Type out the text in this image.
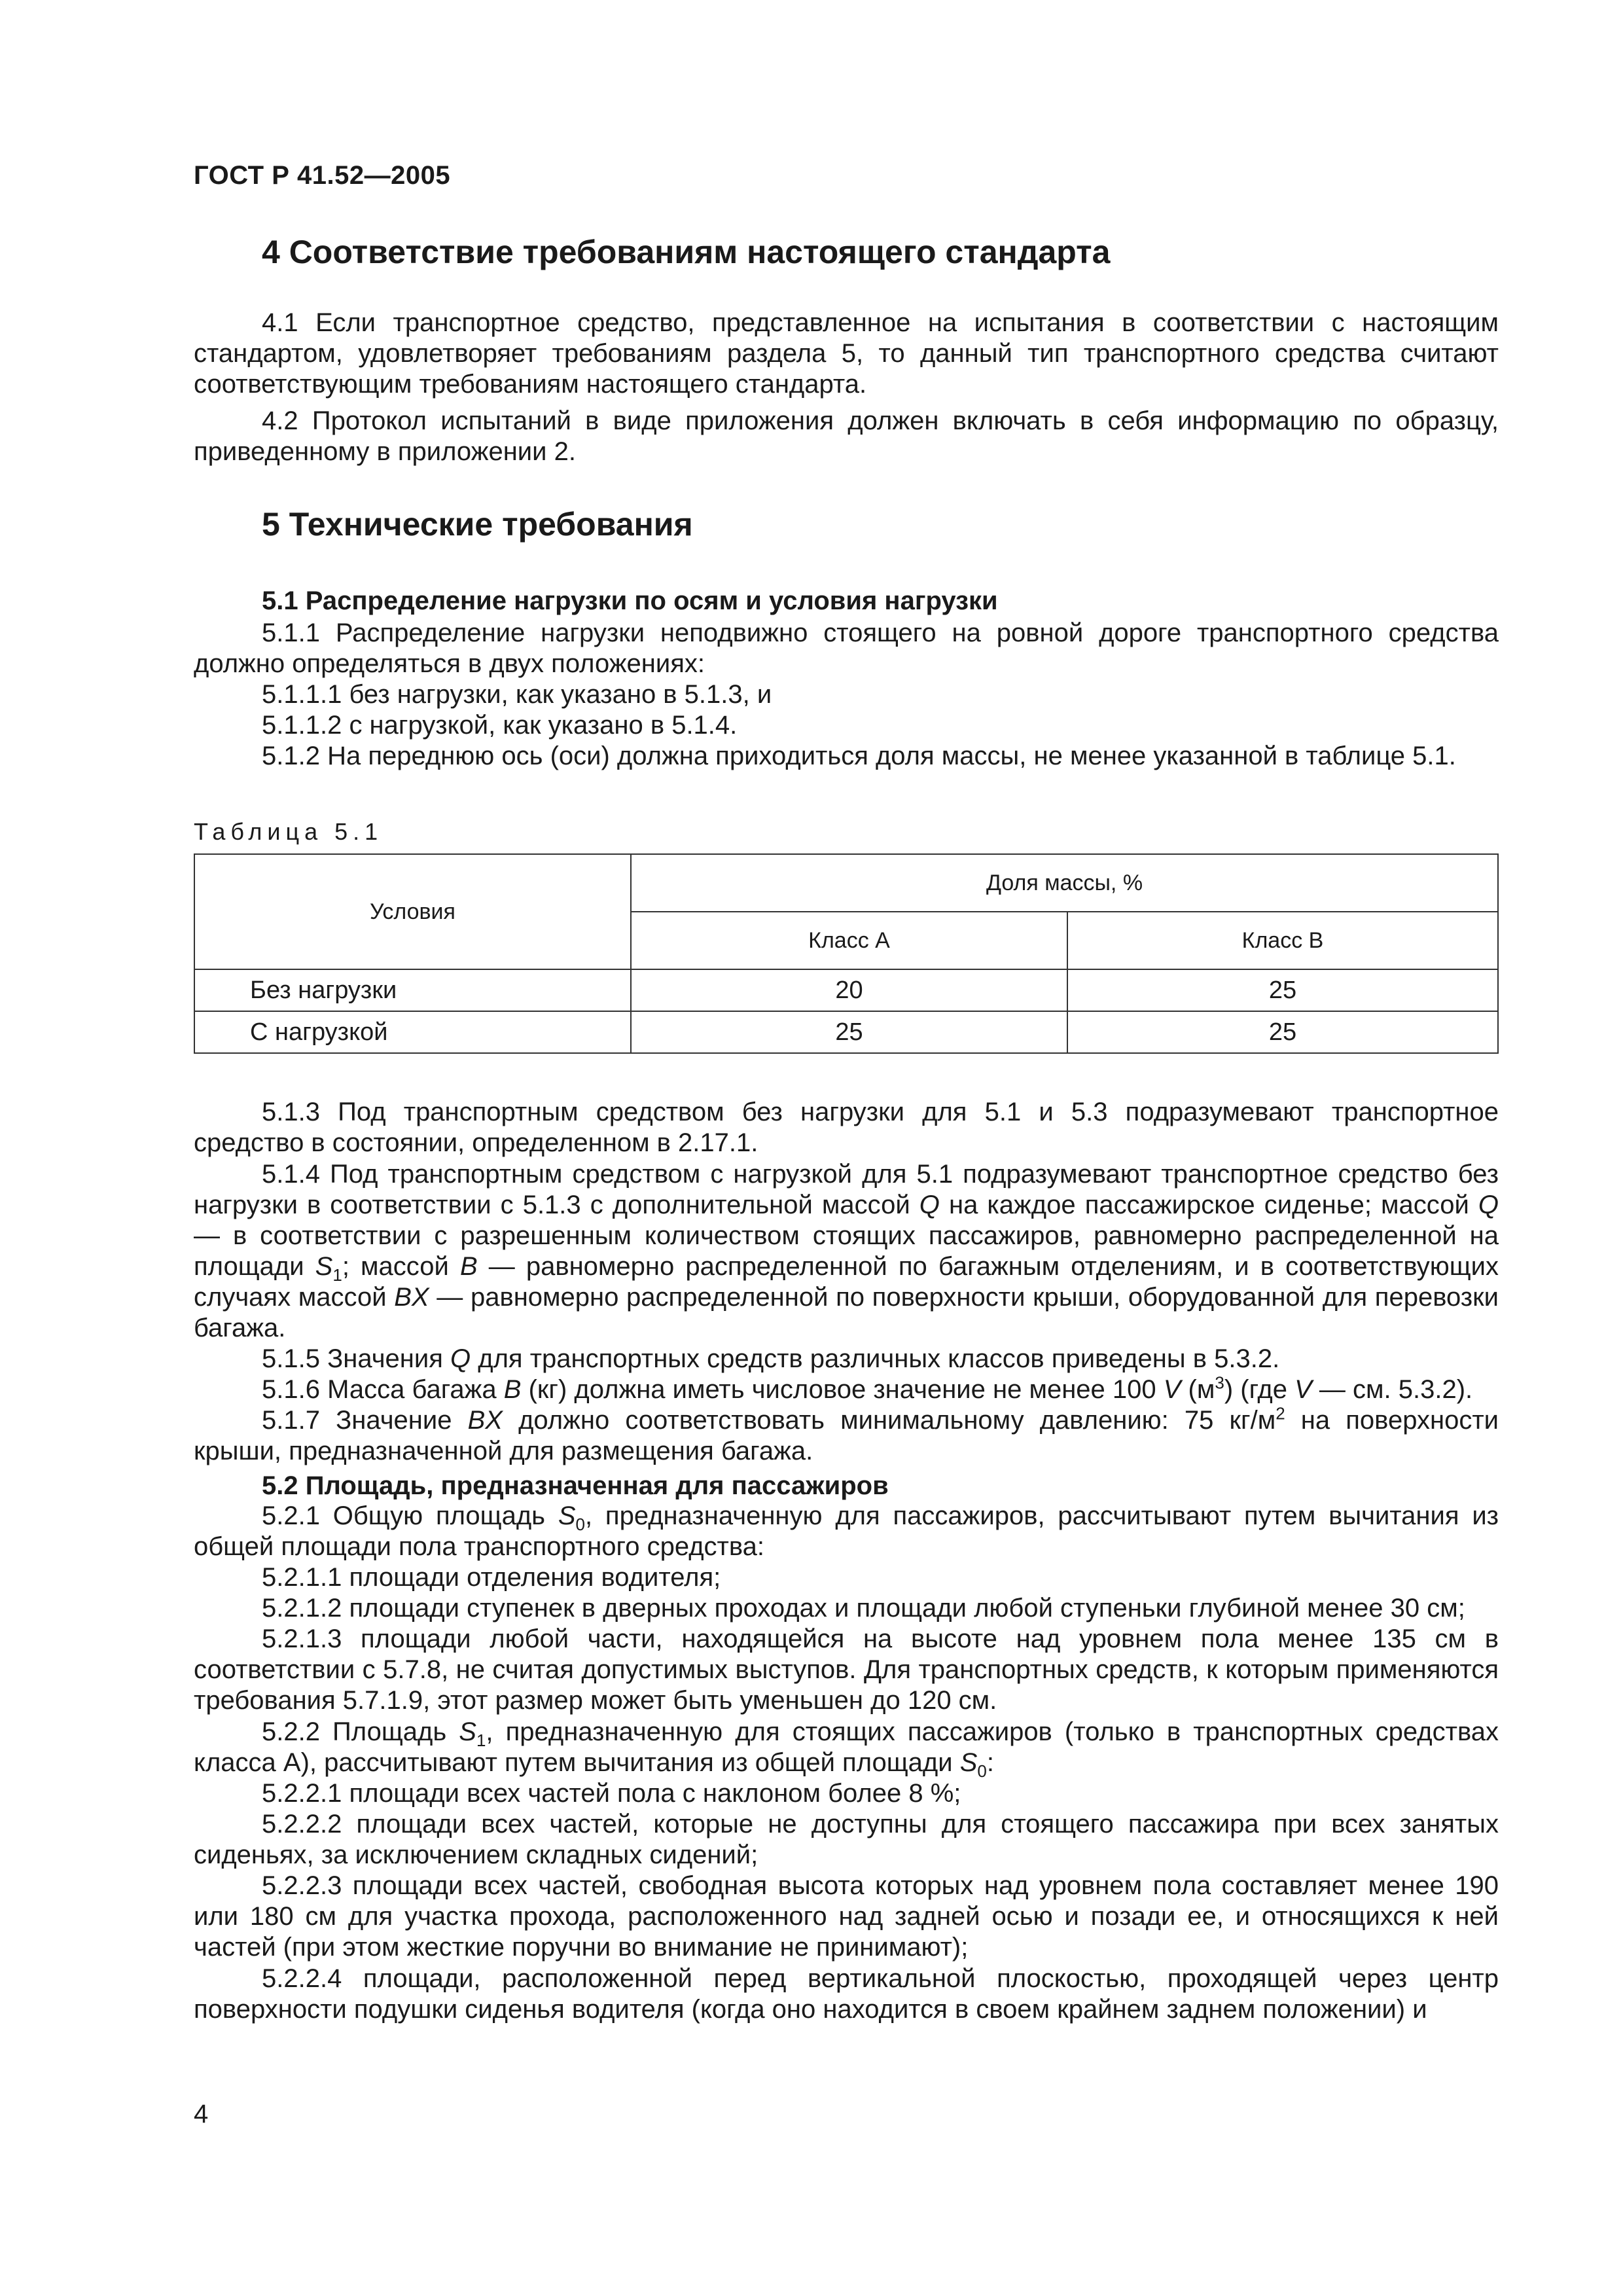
ГОСТ Р 41.52—2005
4 Соответствие требованиям настоящего стандарта

4.1 Если транспортное средство, представленное на испытания в соответствии с настоящим стандартом, удовлетворяет требованиям раздела 5, то данный тип транспортного средства считают соответствующим требованиям настоящего стандарта.

4.2 Протокол испытаний в виде приложения должен включать в себя информацию по образцу, приведенному в приложении 2.

5 Технические требования
5.1 Распределение нагрузки по осям и условия нагрузки

5.1.1 Распределение нагрузки неподвижно стоящего на ровной дороге транспортного средства должно определяться в двух положениях:

5.1.1.1 без нагрузки, как указано в 5.1.3, и

5.1.1.2 с нагрузкой, как указано в 5.1.4.

5.1.2 На переднюю ось (оси) должна приходиться доля массы, не менее указанной в таблице 5.1.

Таблица 5.1
Условия	Доля массы, %	
	Класс А	Класс В
Без нагрузки	20	25
С нагрузкой	25	25

5.1.3 Под транспортным средством без нагрузки для 5.1 и 5.3 подразумевают транспортное средство в состоянии, определенном в 2.17.1.

5.1.4 Под транспортным средством с нагрузкой для 5.1 подразумевают транспортное средство без нагрузки в соответствии с 5.1.3 с дополнительной массой Q на каждое пассажирское сиденье; массой Q — в соответствии с разрешенным количеством стоящих пассажиров, равномерно распределенной на площади $S_1$; массой B — равномерно распределенной по багажным отделениям, и в соответствующих случаях массой BX — равномерно распределенной по поверхности крыши, оборудованной для перевозки багажа.

5.1.5 Значения Q для транспортных средств различных классов приведены в 5.3.2.

5.1.6 Масса багажа B (кг) должна иметь числовое значение не менее 100 V $(м^3)$ (где V — см. 5.3.2).

5.1.7 Значение BX должно соответствовать минимальному давлению: 75 $кг/м^2$ на поверхности крыши, предназначенной для размещения багажа.

5.2 Площадь, предназначенная для пассажиров

5.2.1 Общую площадь $S_0$, предназначенную для пассажиров, рассчитывают путем вычитания из общей площади пола транспортного средства:

5.2.1.1 площади отделения водителя;

5.2.1.2 площади ступенек в дверных проходах и площади любой ступеньки глубиной менее 30 см;

5.2.1.3 площади любой части, находящейся на высоте над уровнем пола менее 135 см в соответствии с 5.7.8, не считая допустимых выступов. Для транспортных средств, к которым применяются требования 5.7.1.9, этот размер может быть уменьшен до 120 см.

5.2.2 Площадь $S_1$, предназначенную для стоящих пассажиров (только в транспортных средствах класса А), рассчитывают путем вычитания из общей площади $S_0$:

5.2.2.1 площади всех частей пола с наклоном более 8 %;

5.2.2.2 площади всех частей, которые не доступны для стоящего пассажира при всех занятых сиденьях, за исключением складных сидений;

5.2.2.3 площади всех частей, свободная высота которых над уровнем пола составляет менее 190 или 180 см для участка прохода, расположенного над задней осью и позади ее, и относящихся к ней частей (при этом жесткие поручни во внимание не принимают);

5.2.2.4 площади, расположенной перед вертикальной плоскостью, проходящей через центр поверхности подушки сиденья водителя (когда оно находится в своем крайнем заднем положении) и

4
